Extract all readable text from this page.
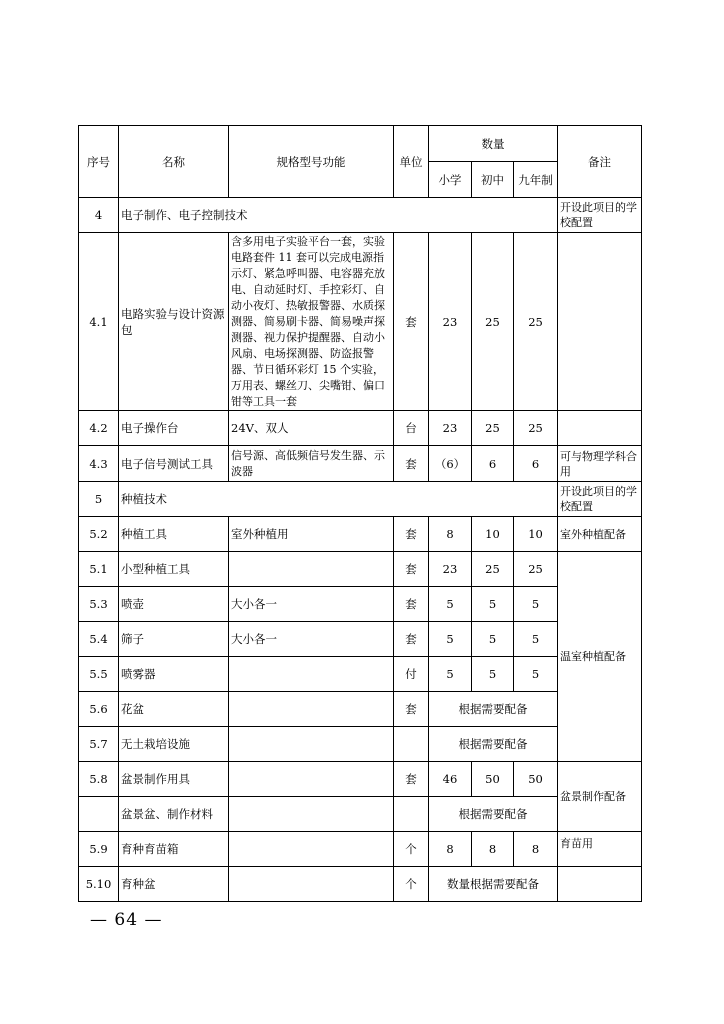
序号	名称	规格型号功能	单位	数量			备注
				小学	初中	九年制	
4	电子制作、电子控制技术						开设此项目的学校配置
4.1	电路实验与设计资源包	含多用电子实验平台一套，实验电路套件 11 套可以完成电源指示灯、紧急呼叫器、电容器充放电、自动延时灯、手控彩灯、自动小夜灯、热敏报警器、水质探测器、简易刷卡器、简易噪声探测器、视力保护提醒器、自动小风扇、电场探测器、防盗报警器、节日循环彩灯 15 个实验，万用表、螺丝刀、尖嘴钳、偏口钳等工具一套	套	23	25	25	
4.2	电子操作台	24V、双人	台	23	25	25	
4.3	电子信号测试工具	信号源、高低频信号发生器、示波器	套	（6）	6	6	可与物理学科合用
5	种植技术						开设此项目的学校配置
5.2	种植工具	室外种植用	套	8	10	10	室外种植配备
5.1	小型种植工具		套	23	25	25	温室种植配备
5.3	喷壶	大小各一	套	5	5	5	
5.4	筛子	大小各一	套	5	5	5	
5.5	喷雾器		付	5	5	5	
5.6	花盆		套	根据需要配备			
5.7	无土栽培设施			根据需要配备			
5.8	盆景制作用具		套	46	50	50	盆景制作配备
	盆景盆、制作材料			根据需要配备			
5.9	育种育苗箱		个	8	8	8	育苗用
5.10	育种盆		个	数量根据需要配备			
— 64 —
